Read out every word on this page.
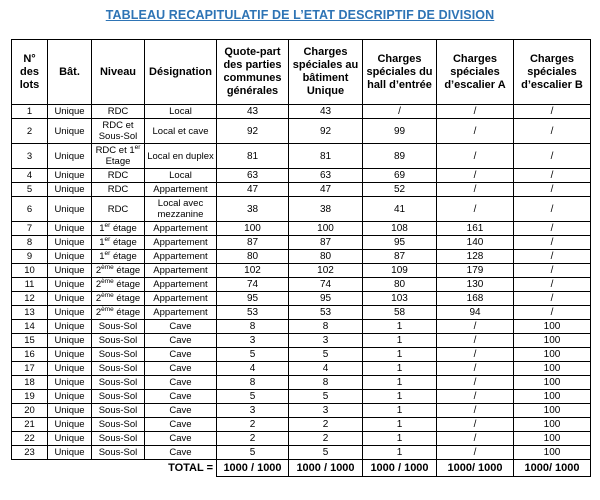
TABLEAU RECAPITULATIF DE L’ETAT DESCRIPTIF DE DIVISION
N°
des
lots	Bât.	Niveau	Désignation	Quote-part
des parties
communes
générales	Charges
spéciales au
bâtiment
Unique	Charges
spéciales du
hall d’entrée	Charges
spéciales
d’escalier A	Charges
spéciales
d’escalier B

1	Unique	RDC	Local	43	43	/	/	/
2	Unique	RDC et
Sous-Sol	Local et cave	92	92	99	/	/
3	Unique	RDC et 1er
Etage	Local en duplex	81	81	89	/	/
4	Unique	RDC	Local	63	63	69	/	/
5	Unique	RDC	Appartement	47	47	52	/	/
6	Unique	RDC	Local avec
mezzanine	38	38	41	/	/
7	Unique	1er étage	Appartement	100	100	108	161	/
8	Unique	1er étage	Appartement	87	87	95	140	/
9	Unique	1er étage	Appartement	80	80	87	128	/
10	Unique	2ème étage	Appartement	102	102	109	179	/
11	Unique	2ème étage	Appartement	74	74	80	130	/
12	Unique	2ème étage	Appartement	95	95	103	168	/
13	Unique	2ème étage	Appartement	53	53	58	94	/
14	Unique	Sous-Sol	Cave	8	8	1	/	100
15	Unique	Sous-Sol	Cave	3	3	1	/	100
16	Unique	Sous-Sol	Cave	5	5	1	/	100
17	Unique	Sous-Sol	Cave	4	4	1	/	100
18	Unique	Sous-Sol	Cave	8	8	1	/	100
19	Unique	Sous-Sol	Cave	5	5	1	/	100
20	Unique	Sous-Sol	Cave	3	3	1	/	100
21	Unique	Sous-Sol	Cave	2	2	1	/	100
22	Unique	Sous-Sol	Cave	2	2	1	/	100
23	Unique	Sous-Sol	Cave	5	5	1	/	100
			TOTAL =	1000 / 1000	1000 / 1000	1000 / 1000	1000/ 1000	1000/ 1000
